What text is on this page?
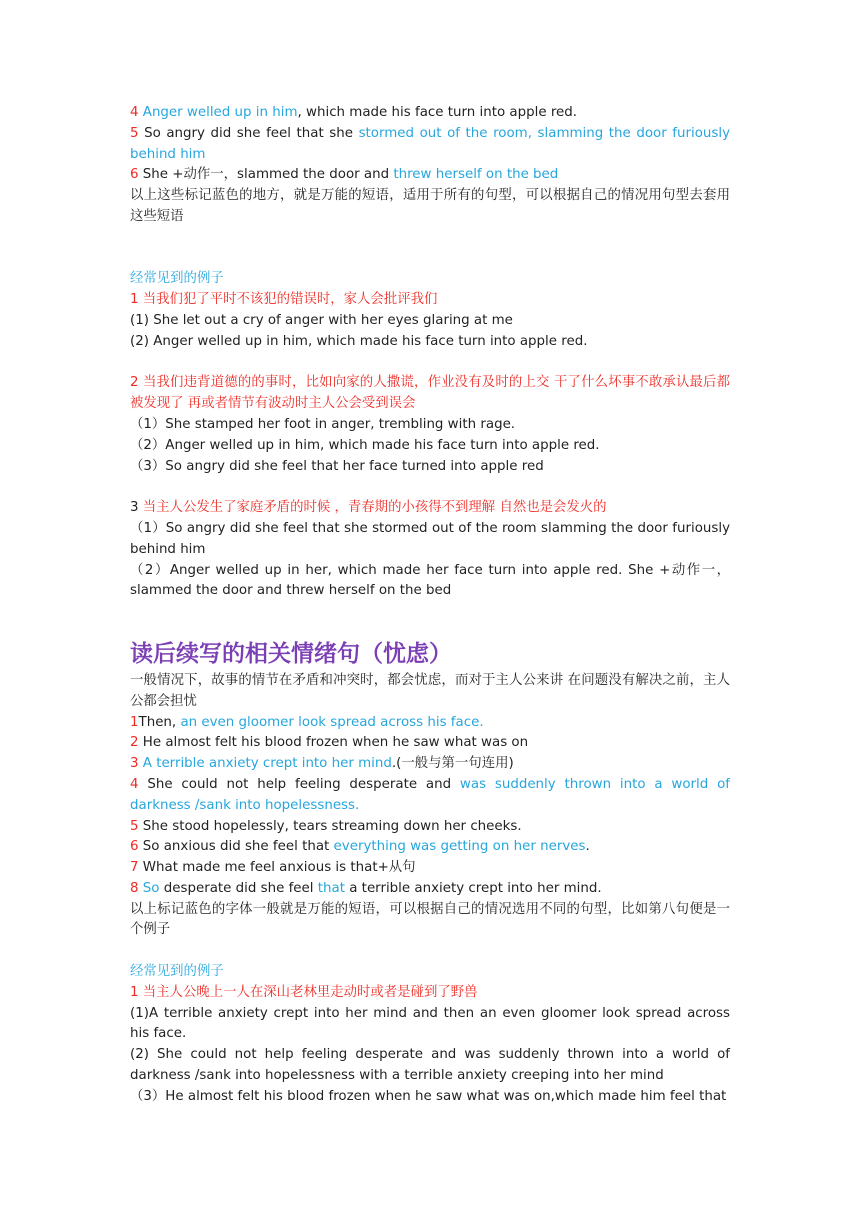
4 Anger welled up in him, which made his face turn into apple red.

5 So angry did she feel that she stormed out of the room, slamming the door furiously behind him

6 She +动作一，slammed the door and threw herself on the bed

以上这些标记蓝色的地方，就是万能的短语，适用于所有的句型，可以根据自己的情况用句型去套用这些短语

经常见到的例子

1 当我们犯了平时不该犯的错误时，家人会批评我们

(1) She let out a cry of anger with her eyes glaring at me

(2) Anger welled up in him, which made his face turn into apple red.

2 当我们违背道德的的事时，比如向家的人撒谎，作业没有及时的上交 干了什么坏事不敢承认最后都被发现了 再或者情节有波动时主人公会受到误会

（1）She stamped her foot in anger, trembling with rage.

（2）Anger welled up in him, which made his face turn into apple red.

（3）So angry did she feel that her face turned into apple red

3 当主人公发生了家庭矛盾的时候 ，青春期的小孩得不到理解 自然也是会发火的

（1）So angry did she feel that she stormed out of the room slamming the door furiously behind him

（2）Anger welled up in her, which made her face turn into apple red. She +动作一，slammed the door and threw herself on the bed

读后续写的相关情绪句（忧虑）

一般情况下，故事的情节在矛盾和冲突时，都会忧虑，而对于主人公来讲 在问题没有解决之前，主人公都会担忧

1Then, an even gloomer look spread across his face.

2 He almost felt his blood frozen when he saw what was on

3 A terrible anxiety crept into her mind.(一般与第一句连用)

4 She could not help feeling desperate and was suddenly thrown into a world of darkness /sank into hopelessness.

5 She stood hopelessly, tears streaming down her cheeks.

6 So anxious did she feel that everything was getting on her nerves.

7 What made me feel anxious is that+从句

8 So desperate did she feel that a terrible anxiety crept into her mind.

以上标记蓝色的字体一般就是万能的短语，可以根据自己的情况选用不同的句型，比如第八句便是一个例子

经常见到的例子

1 当主人公晚上一人在深山老林里走动时或者是碰到了野兽

(1)A terrible anxiety crept into her mind and then an even gloomer look spread across his face.

(2) She could not help feeling desperate and was suddenly thrown into a world of darkness /sank into hopelessness with a terrible anxiety creeping into her mind

（3）He almost felt his blood frozen when he saw what was on,which made him feel that
